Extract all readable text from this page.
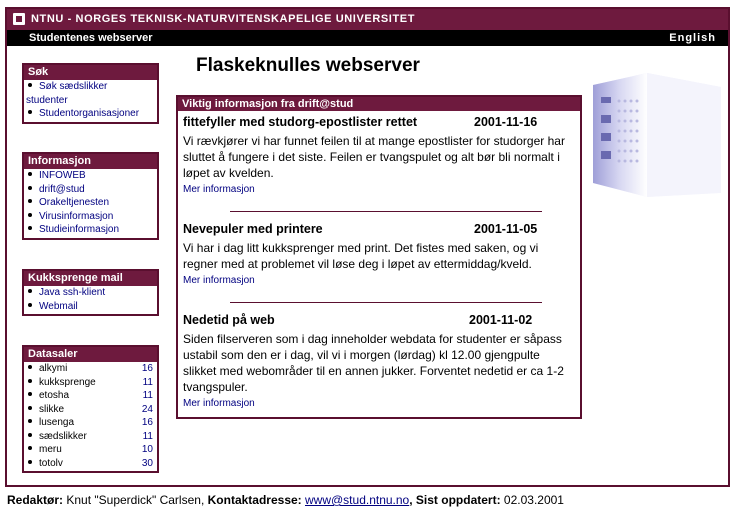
NTNU - NORGES TEKNISK-NATURVITENSKAPELIGE UNIVERSITET
Studentenes webserver	English
Søk
Søk sædslikker
studenter
Studentorganisasjoner
Informasjon
INFOWEB
drift@stud
Orakeltjenesten
Virusinformasjon
Studieinformasjon
Kukksprenge mail
Java ssh-klient
Webmail
Datasaler
alkymi	16
kukksprenge	11
etosha	11
slikke	24
lusenga	16
sædslikker	11
meru	10
totolv	30
Flaskeknulles webserver
Viktig informasjon fra drift@stud
fittefyller med studorg-epostlister rettet	2001-11-16
Vi rævkjører vi har funnet feilen til at mange epostlister for studorger har sluttet å fungere i det siste. Feilen er tvangspulet og alt bør bli normalt i løpet av kvelden.
Mer informasjon
Nevepuler med printere	2001-11-05
Vi har i dag litt kukksprenger med print. Det fistes med saken, og vi regner med at problemet vil løse deg i løpet av ettermiddag/kveld.
Mer informasjon
Nedetid på web	2001-11-02
Siden filserveren som i dag inneholder webdata for studenter er såpass ustabil som den er i dag, vil vi i morgen (lørdag) kl 12.00 gjengpulte slikket med webområder til en annen jukker. Forventet nedetid er ca 1-2 tvangspuler.
Mer informasjon
Redaktør: Knut "Superdick" Carlsen, Kontaktadresse: www@stud.ntnu.no, Sist oppdatert: 02.03.2001
